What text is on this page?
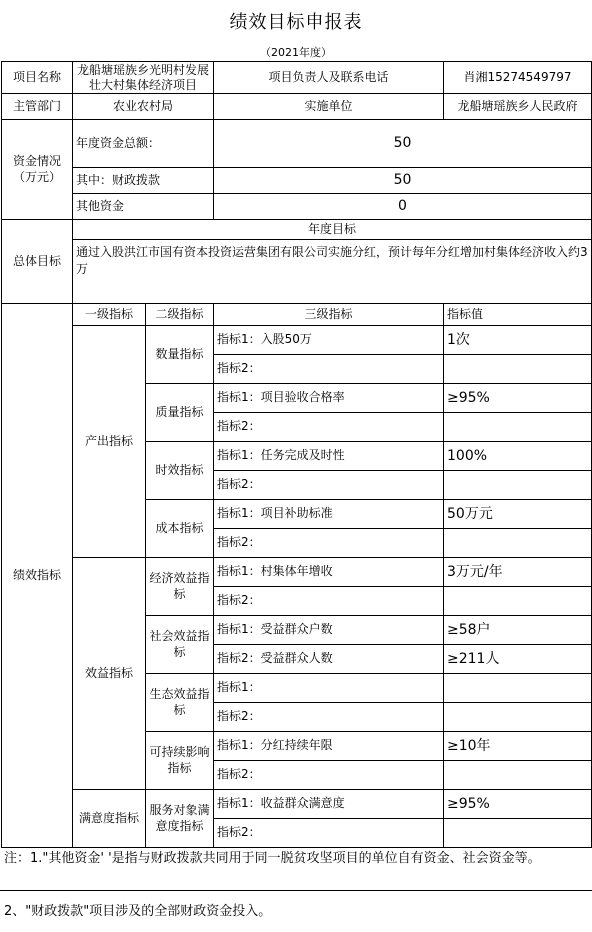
绩效目标申报表
（2021年度）
项目名称	龙船塘瑶族乡光明村发展壮大村集体经济项目		项目负责人及联系电话	肖湘15274549797
主管部门	农业农村局		实施单位	龙船塘瑶族乡人民政府
资金情况
（万元）	年度资金总额：		50	
	其中：财政拨款		50	
	其他资金		0	
总体目标	年度目标			
	通过入股洪江市国有资本投资运营集团有限公司实施分红，预计每年分红增加村集体经济收入约3万			
绩效指标	一级指标	二级指标	三级指标	指标值
	产出指标	数量指标	指标1：入股50万	1次
			指标2：	
		质量指标	指标1：项目验收合格率	≥95%
			指标2：	
		时效指标	指标1：任务完成及时性	100%
			指标2：	
		成本指标	指标1：项目补助标准	50万元
			指标2：	
	效益指标	经济效益指标	指标1：村集体年增收	3万元/年
			指标2：	
		社会效益指标	指标1：受益群众户数	≥58户
			指标2：受益群众人数	≥211人
		生态效益指标	指标1：	
			指标2：	
		可持续影响指标	指标1：分红持续年限	≥10年
			指标2：	
	满意度指标	服务对象满意度指标	指标1：收益群众满意度	≥95%
			指标2：	
注：1."其他资金' '是指与财政拨款共同用于同一脱贫攻坚项目的单位自有资金、社会资金等。
2、"财政拨款"项目涉及的全部财政资金投入。
